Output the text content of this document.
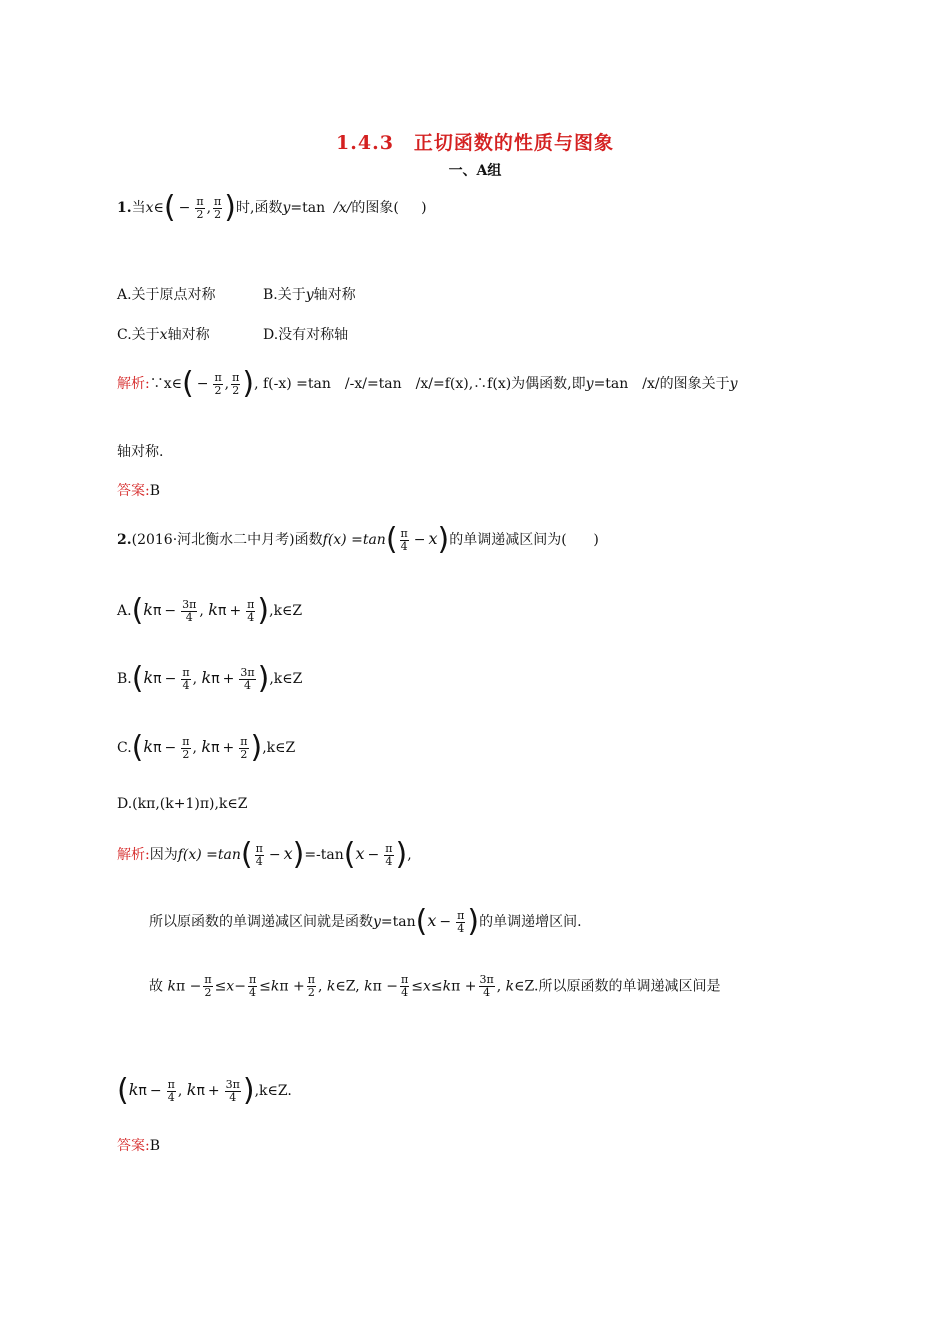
1.4.3　正切函数的性质与图象
一、A组
1.当x∈( − $\frac{\pi}{2}$ , $\frac{\pi}{2}$ )时,函数y=tan /x/的图象( )
A.关于原点对称	B.关于y轴对称
C.关于x轴对称	D.没有对称轴
解析:∵x∈( − $\frac{\pi}{2}$ , $\frac{\pi}{2}$ ), f(-x) =tan　/-x/=tan　/x/=f(x),∴f(x)为偶函数,即y=tan　/x/的图象关于y
轴对称.
答案:B
2.(2016·河北衡水二中月考)函数$f(x) =\tan( \frac{\pi}{4} - x)$的单调递减区间为( )
$A.(k\pi - \frac{3\pi}{4}$ , $k\pi + \frac{\pi}{4}$ ),k∈Z
$B.(k\pi - \frac{\pi}{4}$ , $k\pi + \frac{3\pi}{4}$ ),k∈Z
$C.(k\pi - \frac{\pi}{2}$ , $k\pi + \frac{\pi}{2}$ ),k∈Z
D.(kπ,(k+1)π),k∈Z
解析:因为$f(x) =\tan( \frac{\pi}{4} - x)=-\tan(x - \frac{\pi}{4}$ ),
所以原函数的单调递减区间就是函数$y=\tan(x - \frac{\pi}{4}$ )的单调递增区间.
故 $k\pi - \frac{\pi}{2} \le x- \frac{\pi}{4} \le k\pi + \frac{\pi}{2}$ , k∈Z, $k\pi - \frac{\pi}{4} \le x\le k\pi + \frac{3\pi}{4}$ , k∈Z.所以原函数的单调递减区间是
($k\pi - \frac{\pi}{4}$ , $k\pi + \frac{3\pi}{4}$ ),k∈Z.
答案:B
